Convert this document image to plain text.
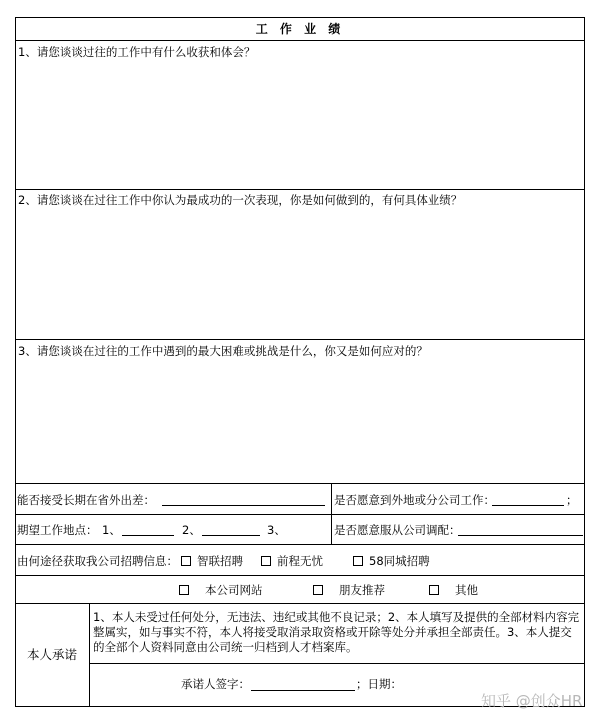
工 作 业 绩
1、请您谈谈过往的工作中有什么收获和体会？
2、请您谈谈在过往工作中你认为最成功的一次表现，你是如何做到的，有何具体业绩？
3、请您谈谈在过往的工作中遇到的最大困难或挑战是什么，你又是如何应对的？
能否接受长期在省外出差：	是否愿意到外地或分公司工作：	；
期望工作地点： 1、	2、	3、	是否愿意服从公司调配：
由何途径获取我公司招聘信息：	智联招聘	前程无忧	58同城招聘
本公司网站	朋友推荐	其他
本人承诺
1、本人未受过任何处分，无违法、违纪或其他不良记录；2、本人填写及提供的全部材料内容完整属实，如与事实不符，本人将接受取消录取资格或开除等处分并承担全部责任。3、本人提交的全部个人资料同意由公司统一归档到人才档案库。
承诺人签字：	；日期：
知乎 @创众HR
